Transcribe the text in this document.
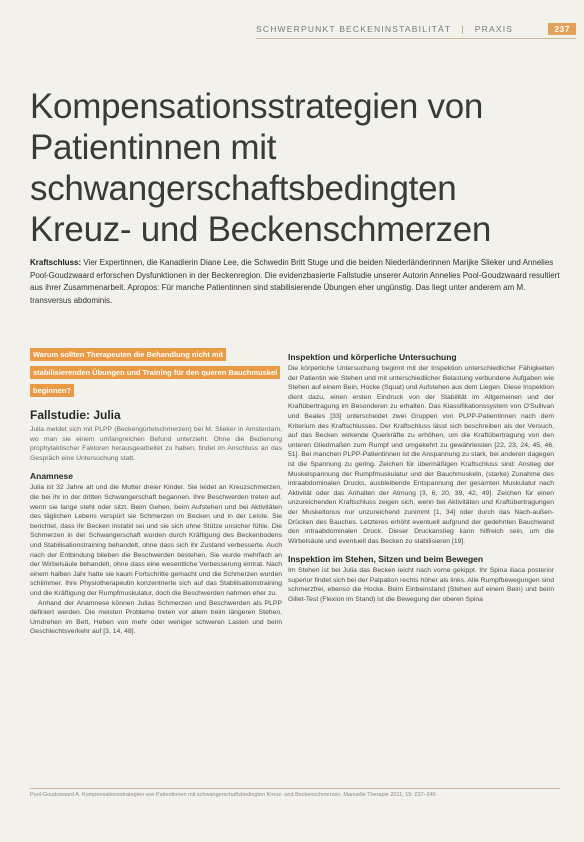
SCHWERPUNKT BECKENINSTABILITÄT | PRAXIS	237
Kompensationsstrategien von Patientinnen mit schwangerschaftsbedingten Kreuz- und Beckenschmerzen

Kraftschluss: Vier Expertinnen, die Kanadierin Diane Lee, die Schwedin Britt Stuge und die beiden Niederländerinnen Marijke Slieker und Annelies Pool-Goudzwaard erforschen Dysfunktionen in der Beckenregion. Die evidenzbasierte Fallstudie unserer Autorin Annelies Pool-Goudzwaard resultiert aus ihrer Zusammenarbeit. Apropos: Für manche Patientinnen sind stabilisierende Übungen eher ungünstig. Das liegt unter anderem am M. transversus abdominis.

Warum sollten Therapeuten die Behandlung nicht mit stabilisierenden Übungen und Training für den queren Bauchmuskel beginnen?

Fallstudie: Julia

Julia meldet sich mit PLPP (Beckengürtelschmerzen) bei M. Slieker in Amsterdam, wo man sie einem umfangreichen Befund unterzieht. Ohne die Bedienung prophylaktischer Faktoren herausgearbeitet zu haben, findet im Anschluss an das Gespräch eine Untersuchung statt.

Anamnese

Julia ist 32 Jahre alt und die Mutter dreier Kinder. Sie leidet an Kreuzschmerzen, die bei ihr in der dritten Schwangerschaft begannen. Ihre Beschwerden treten auf, wenn sie lange steht oder sitzt. Beim Gehen, beim Aufstehen und bei Aktivitäten des täglichen Lebens verspürt sie Schmerzen im Becken und in der Leiste. Sie berichtet, dass ihr Becken instabil sei und sie sich ohne Stütze unsicher fühle. Die Schmerzen in der Schwangerschaft wurden durch Kräftigung des Beckenbodens und Stabilisationstraining behandelt, ohne dass sich ihr Zustand verbesserte. Auch nach der Entbindung blieben die Beschwerden bestehen. Sie wurde mehrfach an der Wirbelsäule behandelt, ohne dass eine wesentliche Verbesserung eintrat. Nach einem halben Jahr hatte sie kaum Fortschritte gemacht und die Schmerzen wurden schlimmer. Ihre Physiotherapeutin konzentrierte sich auf das Stabilisationstraining und die Kräftigung der Rumpfmuskulatur, doch die Beschwerden nahmen eher zu.

Anhand der Anamnese können Julias Schmerzen und Beschwerden als PLPP definiert werden. Die meisten Probleme treten vor allem beim längeren Stehen, Umdrehen im Bett, Heben von mehr oder weniger schweren Lasten und beim Geschlechtsverkehr auf [3, 14, 48].

Inspektion und körperliche Untersuchung

Die körperliche Untersuchung beginnt mit der Inspektion unterschiedlicher Fähigkeiten der Patientin wie Stehen und mit unterschiedlicher Belastung verbundene Aufgaben wie Stehen auf einem Bein, Hocke (Squat) und Aufstehen aus dem Liegen. Diese Inspektion dient dazu, einen ersten Eindruck von der Stabilität im Allgemeinen und der Kraftübertragung im Besonderen zu erhalten. Das Klassifikationssystem von O'Sullivan und Beales [33] unterscheidet zwei Gruppen von PLPP-Patientinnen nach dem Kriterium des Kraftschlusses. Der Kraftschluss lässt sich beschreiben als der Versuch, auf das Becken wirkende Querkräfte zu erhöhen, um die Kraftübertragung von den unteren Gliedmaßen zum Rumpf und umgekehrt zu gewährleisten [22, 23, 24, 45, 46, 51]. Bei manchen PLPP-Patientinnen ist die Anspannung zu stark, bei anderen dagegen ist die Spannung zu gering. Zeichen für übermäßigen Kraftschluss sind: Anstieg der Muskelspannung der Rumpfmuskulatur und der Bauchmuskeln, (starke) Zunahme des intraabdominalen Drucks, ausbleibende Entspannung der gesamten Muskulatur nach Aktivität oder das Anhalten der Atmung [3, 6, 20, 39, 42, 49]. Zeichen für einen unzureichenden Kraftschluss zeigen sich, wenn bei Aktivitäten und Kraftübertragungen der Muskeltonus nur unzureichend zunimmt [1, 34] oder durch das Nach-außen-Drücken des Bauches. Letzteres erhöht eventuell aufgrund der gedehnten Bauchwand den intraabdominalen Druck. Dieser Druckanstieg kann hilfreich sein, um die Wirbelsäule und eventuell das Becken zu stabilisieren [19].

Inspektion im Stehen, Sitzen und beim Bewegen

Im Stehen ist bei Julia das Becken leicht nach vorne gekippt. Ihr Spina iliaca posterior superior findet sich bei der Palpation rechts höher als links. Alle Rumpfbewegungen sind schmerzfrei, ebenso die Hocke. Beim Einbeinstand (Stehen auf einem Bein) und beim Gillet-Test (Flexion im Stand) ist die Bewegung der oberen Spina

Pool-Goudzwaard A. Kompensationsstrategien von Patientinnen mit schwangerschaftsbedingten Kreuz- und Beckenschmerzen. Manuelle Therapie 2011; 15: 237–245
